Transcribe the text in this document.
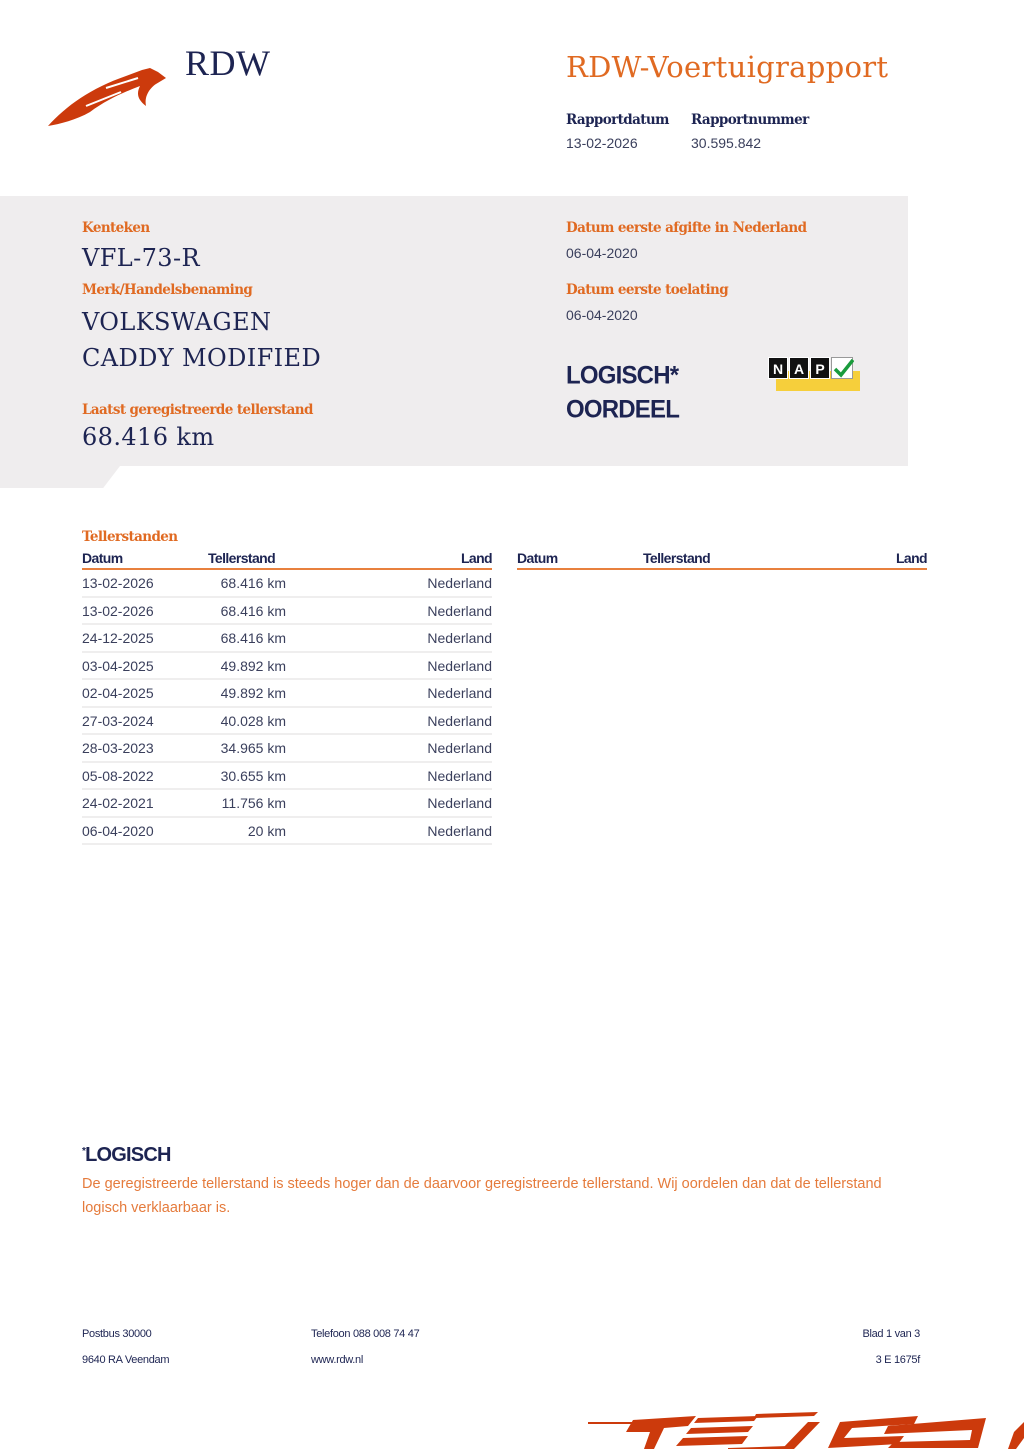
RDW	RDW-Voertuigrapport
Rapportdatum
13-02-2026
Rapportnummer
30.595.842
Kenteken
VFL-73-R
Merk/Handelsbenaming
VOLKSWAGEN
CADDY MODIFIED
Laatst geregistreerde tellerstand
68.416 km
Datum eerste afgifte in Nederland
06-04-2020
Datum eerste toelating
06-04-2020
LOGISCH*
OORDEEL
N A P
Tellerstanden
Datum	Tellerstand	Land
13-02-2026	68.416 km	Nederland
13-02-2026	68.416 km	Nederland
24-12-2025	68.416 km	Nederland
03-04-2025	49.892 km	Nederland
02-04-2025	49.892 km	Nederland
27-03-2024	40.028 km	Nederland
28-03-2023	34.965 km	Nederland
05-08-2022	30.655 km	Nederland
24-02-2021	11.756 km	Nederland
06-04-2020	20 km	Nederland
Datum	Tellerstand	Land
*LOGISCH
De geregistreerde tellerstand is steeds hoger dan de daarvoor geregistreerde tellerstand. Wij oordelen dan dat de tellerstand logisch verklaarbaar is.
Postbus 30000
9640 RA Veendam
Telefoon 088 008 74 47
www.rdw.nl
Blad 1 van 3
3 E 1675f
